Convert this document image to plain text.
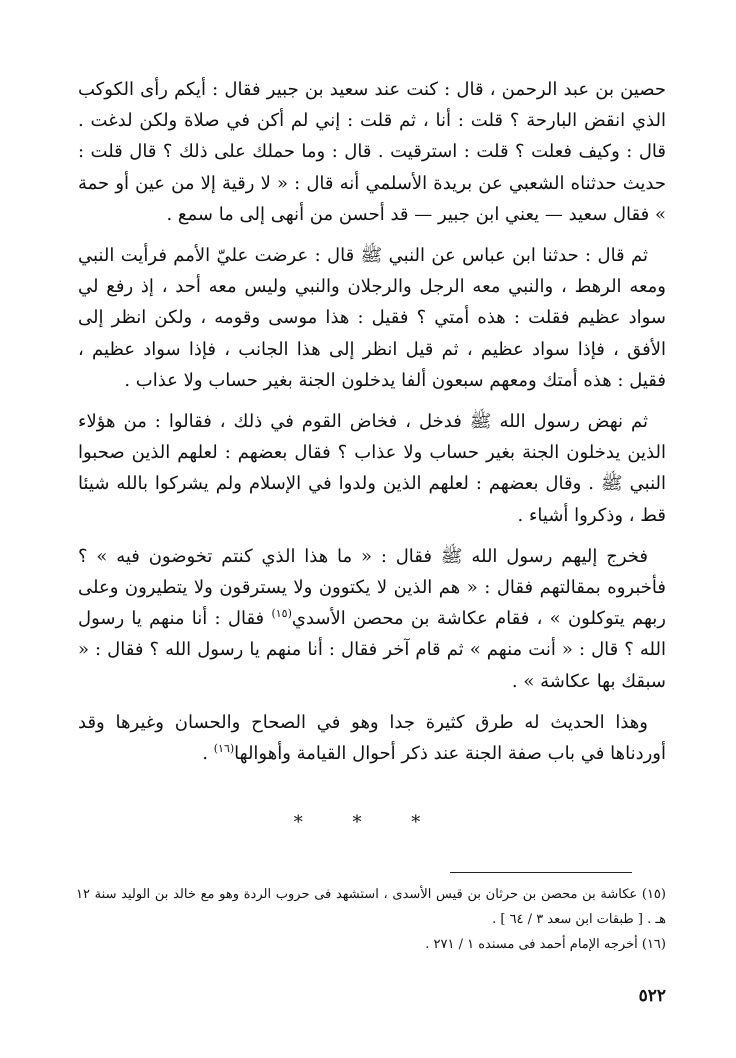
حصين بن عبد الرحمن ، قال : كنت عند سعيد بن جبير فقال : أيكم رأى الكوكب الذي انقض البارحة ؟ قلت : أنا ، ثم قلت : إني لم أكن في صلاة ولكن لدغت . قال : وكيف فعلت ؟ قلت : استرقيت . قال : وما حملك على ذلك ؟ قال قلت : حديث حدثناه الشعبي عن بريدة الأسلمي أنه قال : « لا رقية إلا من عين أو حمة » فقال سعيد — يعني ابن جبير — قد أحسن من أنهى إلى ما سمع .

ثم قال : حدثنا ابن عباس عن النبي ﷺ قال : عرضت عليّ الأمم فرأيت النبي ومعه الرهط ، والنبي معه الرجل والرجلان والنبي وليس معه أحد ، إذ رفع لي سواد عظيم فقلت : هذه أمتي ؟ فقيل : هذا موسى وقومه ، ولكن انظر إلى الأفق ، فإذا سواد عظيم ، ثم قيل انظر إلى هذا الجانب ، فإذا سواد عظيم ، فقيل : هذه أمتك ومعهم سبعون ألفا يدخلون الجنة بغير حساب ولا عذاب .

ثم نهض رسول الله ﷺ فدخل ، فخاض القوم في ذلك ، فقالوا : من هؤلاء الذين يدخلون الجنة بغير حساب ولا عذاب ؟ فقال بعضهم : لعلهم الذين صحبوا النبي ﷺ . وقال بعضهم : لعلهم الذين ولدوا في الإسلام ولم يشركوا بالله شيئا قط ، وذكروا أشياء .

فخرج إليهم رسول الله ﷺ فقال : « ما هذا الذي كنتم تخوضون فيه » ؟ فأخبروه بمقالتهم فقال : « هم الذين لا يكتوون ولا يسترقون ولا يتطيرون وعلى ربهم يتوكلون » ، فقام عكاشة بن محصن الأسدي$^{(١٥)}$ فقال : أنا منهم يا رسول الله ؟ قال : « أنت منهم » ثم قام آخر فقال : أنا منهم يا رسول الله ؟ فقال : « سبقك بها عكاشة » .

وهذا الحديث له طرق كثيرة جدا وهو في الصحاح والحسان وغيرها وقد أوردناها في باب صفة الجنة عند ذكر أحوال القيامة وأهوالها$^{(١٦)}$ .

* * *

(١٥) عكاشة بن محصن بن حرثان بن قيس الأسدى ، استشهد فى حروب الردة وهو مع خالد بن الوليد سنة ١٢ هـ . [ طبقات ابن سعد ٣ / ٦٤ ] .

(١٦) أخرجه الإمام أحمد فى مسنده ١ / ٢٧١ .

٥٢٢
